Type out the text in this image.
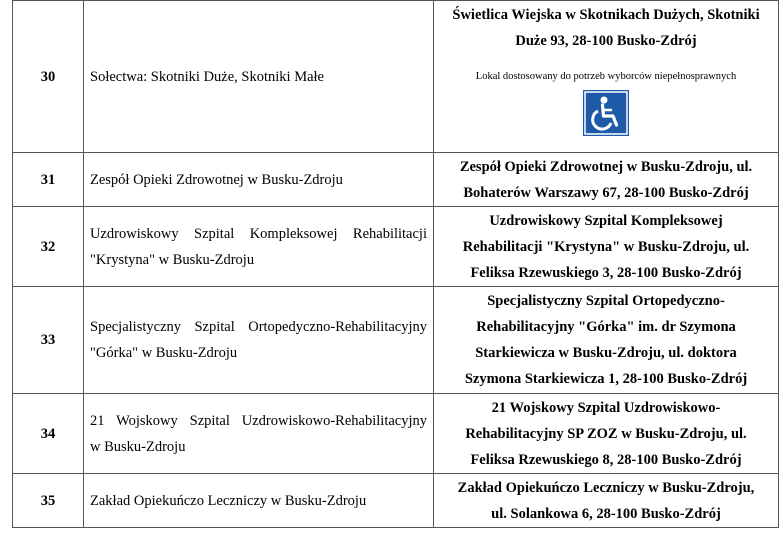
30	Sołectwa: Skotniki Duże, Skotniki Małe	Świetlica Wiejska w Skotnikach Dużych, Skotniki
Duże 93, 28-100 Busko-Zdrój
Lokal dostosowany do potrzeb wyborców niepełnosprawnych

31	Zespół Opieki Zdrowotnej w Busku-Zdroju	Zespół Opieki Zdrowotnej w Busku-Zdroju, ul.
Bohaterów Warszawy 67, 28-100 Busko-Zdrój
32	Uzdrowiskowy Szpital Kompleksowej Rehabilitacji
"Krystyna" w Busku-Zdroju	Uzdrowiskowy Szpital Kompleksowej
Rehabilitacji "Krystyna" w Busku-Zdroju, ul.
Feliksa Rzewuskiego 3, 28-100 Busko-Zdrój
33	Specjalistyczny Szpital Ortopedyczno-Rehabilitacyjny
"Górka" w Busku-Zdroju	Specjalistyczny Szpital Ortopedyczno-
Rehabilitacyjny "Górka" im. dr Szymona
Starkiewicza w Busku-Zdroju, ul. doktora
Szymona Starkiewicza 1, 28-100 Busko-Zdrój
34	21 Wojskowy Szpital Uzdrowiskowo-Rehabilitacyjny
w Busku-Zdroju	21 Wojskowy Szpital Uzdrowiskowo-
Rehabilitacyjny SP ZOZ w Busku-Zdroju, ul.
Feliksa Rzewuskiego 8, 28-100 Busko-Zdrój
35	Zakład Opiekuńczo Leczniczy w Busku-Zdroju	Zakład Opiekuńczo Leczniczy w Busku-Zdroju,
ul. Solankowa 6, 28-100 Busko-Zdrój
